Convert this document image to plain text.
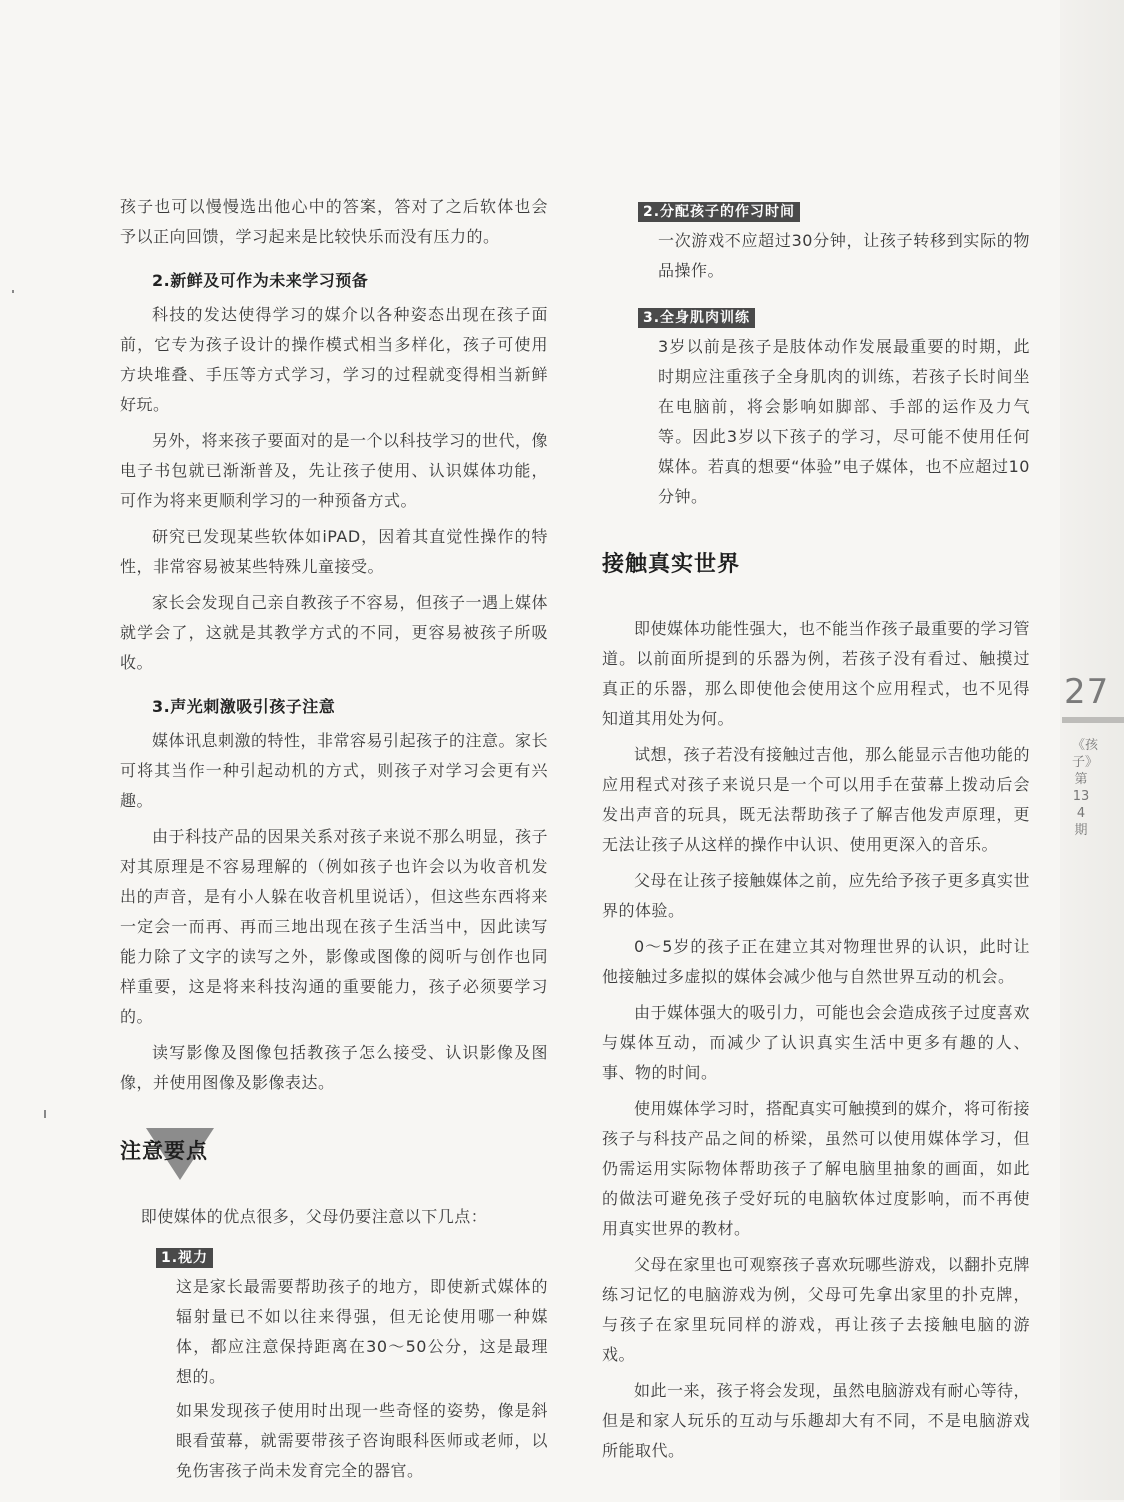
孩子也可以慢慢选出他心中的答案，答对了之后软体也会予以正向回馈，学习起来是比较快乐而没有压力的。

2.新鲜及可作为未来学习预备

科技的发达使得学习的媒介以各种姿态出现在孩子面前，它专为孩子设计的操作模式相当多样化，孩子可使用方块堆叠、手压等方式学习，学习的过程就变得相当新鲜好玩。

另外，将来孩子要面对的是一个以科技学习的世代，像电子书包就已渐渐普及，先让孩子使用、认识媒体功能，可作为将来更顺利学习的一种预备方式。

研究已发现某些软体如iPAD，因着其直觉性操作的特性，非常容易被某些特殊儿童接受。

家长会发现自己亲自教孩子不容易，但孩子一遇上媒体就学会了，这就是其教学方式的不同，更容易被孩子所吸收。

3.声光刺激吸引孩子注意

媒体讯息刺激的特性，非常容易引起孩子的注意。家长可将其当作一种引起动机的方式，则孩子对学习会更有兴趣。

由于科技产品的因果关系对孩子来说不那么明显，孩子对其原理是不容易理解的（例如孩子也许会以为收音机发出的声音，是有小人躲在收音机里说话），但这些东西将来一定会一而再、再而三地出现在孩子生活当中，因此读写能力除了文字的读写之外，影像或图像的阅听与创作也同样重要，这是将来科技沟通的重要能力，孩子必须要学习的。

读写影像及图像包括教孩子怎么接受、认识影像及图像，并使用图像及影像表达。

注意要点

即使媒体的优点很多，父母仍要注意以下几点：

1.视力

这是家长最需要帮助孩子的地方，即使新式媒体的辐射量已不如以往来得强，但无论使用哪一种媒体，都应注意保持距离在30～50公分，这是最理想的。

如果发现孩子使用时出现一些奇怪的姿势，像是斜眼看萤幕，就需要带孩子咨询眼科医师或老师，以免伤害孩子尚未发育完全的器官。

2.分配孩子的作习时间

一次游戏不应超过30分钟，让孩子转移到实际的物品操作。

3.全身肌肉训练

3岁以前是孩子是肢体动作发展最重要的时期，此时期应注重孩子全身肌肉的训练，若孩子长时间坐在电脑前，将会影响如脚部、手部的运作及力气等。因此3岁以下孩子的学习，尽可能不使用任何媒体。若真的想要“体验”电子媒体，也不应超过10分钟。

接触真实世界

即使媒体功能性强大，也不能当作孩子最重要的学习管道。以前面所提到的乐器为例，若孩子没有看过、触摸过真正的乐器，那么即使他会使用这个应用程式，也不见得知道其用处为何。

试想，孩子若没有接触过吉他，那么能显示吉他功能的应用程式对孩子来说只是一个可以用手在萤幕上拨动后会发出声音的玩具，既无法帮助孩子了解吉他发声原理，更无法让孩子从这样的操作中认识、使用更深入的音乐。

父母在让孩子接触媒体之前，应先给予孩子更多真实世界的体验。

0～5岁的孩子正在建立其对物理世界的认识，此时让他接触过多虚拟的媒体会减少他与自然世界互动的机会。

由于媒体强大的吸引力，可能也会会造成孩子过度喜欢与媒体互动，而减少了认识真实生活中更多有趣的人、事、物的时间。

使用媒体学习时，搭配真实可触摸到的媒介，将可衔接孩子与科技产品之间的桥梁，虽然可以使用媒体学习，但仍需运用实际物体帮助孩子了解电脑里抽象的画面，如此的做法可避免孩子受好玩的电脑软体过度影响，而不再使用真实世界的教材。

父母在家里也可观察孩子喜欢玩哪些游戏，以翻扑克牌练习记忆的电脑游戏为例，父母可先拿出家里的扑克牌，与孩子在家里玩同样的游戏，再让孩子去接触电脑的游戏。

如此一来，孩子将会发现，虽然电脑游戏有耐心等待，但是和家人玩乐的互动与乐趣却大有不同，不是电脑游戏所能取代。

27
《孩子》第134期
